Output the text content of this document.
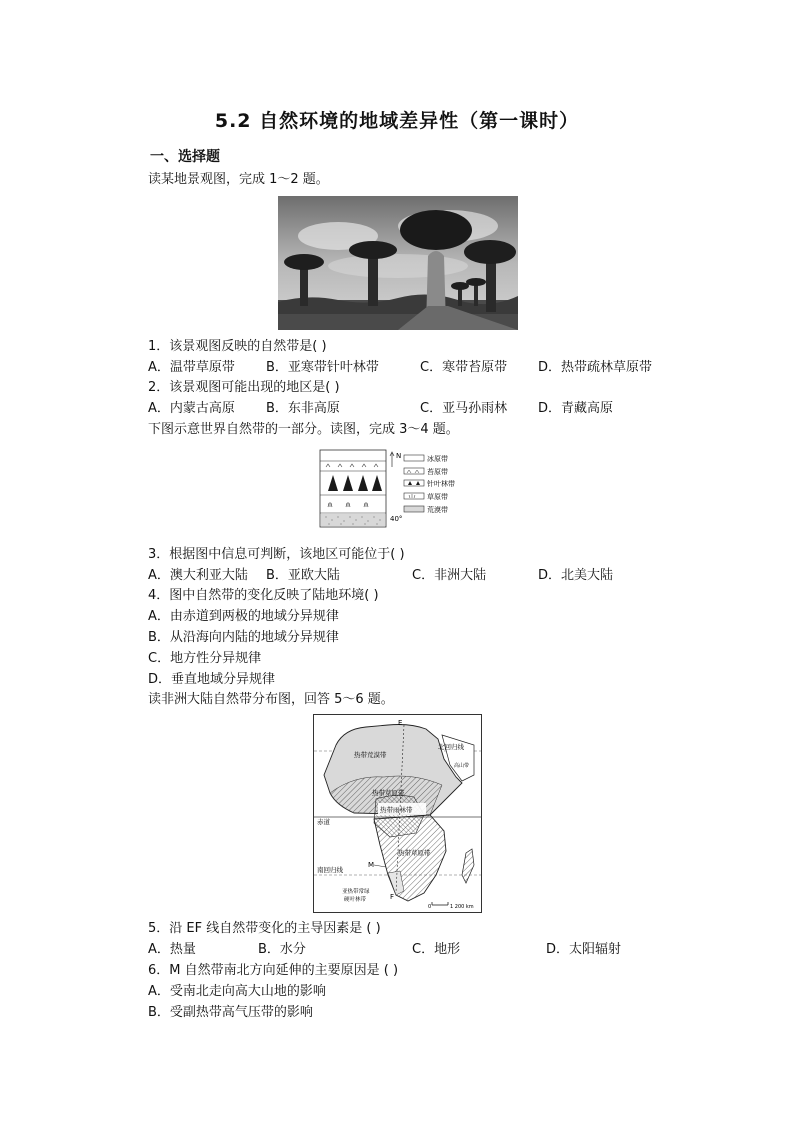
5.2 自然环境的地域差异性（第一课时）
一、选择题
读某地景观图，完成 1～2 题。
1．该景观图反映的自然带是( )
A．温带草原带 B．亚寒带针叶林带	C．寒带苔原带 D．热带疏林草原带
2．该景观图可能出现的地区是( )
A．内蒙古高原 B．东非高原	C．亚马孙雨林 D．青藏高原
下图示意世界自然带的一部分。读图，完成 3～4 题。
N
40°
冰原带
苔原带
针叶林带
草原带
荒漠带
3．根据图中信息可判断，该地区可能位于( )
A．澳大利亚大陆 B．亚欧大陆	C．非洲大陆	D．北美大陆
4．图中自然带的变化反映了陆地环境( )
A．由赤道到两极的地域分异规律
B．从沿海向内陆的地域分异规律
C．地方性分异规律
D．垂直地域分异规律
读非洲大陆自然带分布图，回答 5～6 题。
E
F
M
北回归线
赤道
南回归线
高山带
热带荒漠带
热带草原带
热带雨林带
热带草原带
亚热带常绿
硬叶林带
0	1 200 km
5．沿 EF 线自然带变化的主导因素是 ( )
A．热量	B．水分	C．地形	D．太阳辐射
6．M 自然带南北方向延伸的主要原因是 ( )
A．受南北走向高大山地的影响
B．受副热带高气压带的影响
